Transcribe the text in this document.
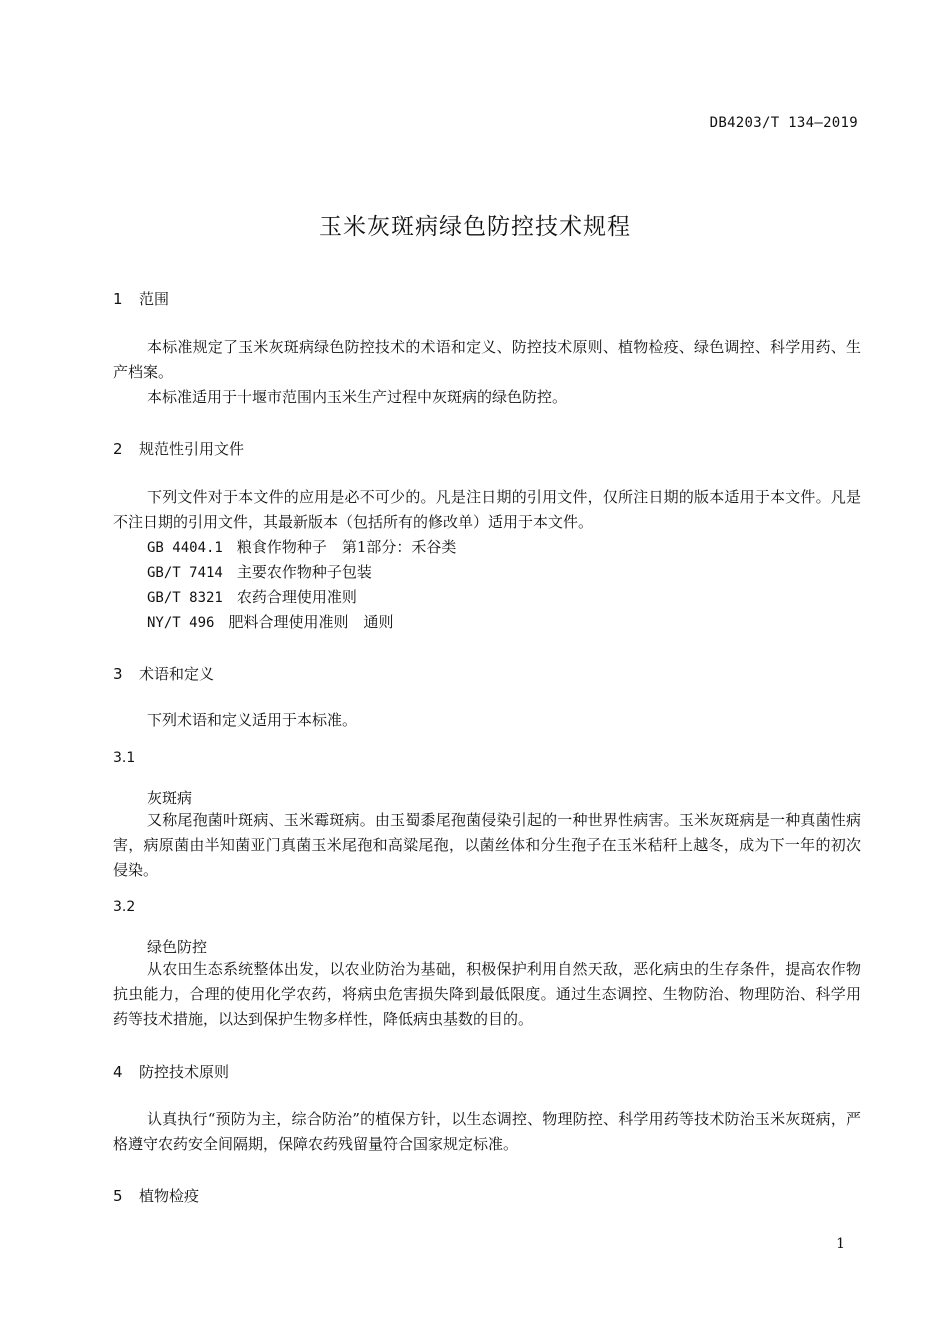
DB4203/T 134—2019
玉米灰斑病绿色防控技术规程
1 范围

本标准规定了玉米灰斑病绿色防控技术的术语和定义、防控技术原则、植物检疫、绿色调控、科学用药、生产档案。

本标准适用于十堰市范围内玉米生产过程中灰斑病的绿色防控。

2 规范性引用文件

下列文件对于本文件的应用是必不可少的。凡是注日期的引用文件，仅所注日期的版本适用于本文件。凡是不注日期的引用文件，其最新版本（包括所有的修改单）适用于本文件。

GB 4404.1 粮食作物种子　第1部分：禾谷类
GB/T 7414 主要农作物种子包装
GB/T 8321 农药合理使用准则
NY/T 496 肥料合理使用准则　通则
3 术语和定义

下列术语和定义适用于本标准。

3.1
灰斑病

又称尾孢菌叶斑病、玉米霉斑病。由玉蜀黍尾孢菌侵染引起的一种世界性病害。玉米灰斑病是一种真菌性病害，病原菌由半知菌亚门真菌玉米尾孢和高粱尾孢，以菌丝体和分生孢子在玉米秸秆上越冬，成为下一年的初次侵染。

3.2
绿色防控

从农田生态系统整体出发，以农业防治为基础，积极保护利用自然天敌，恶化病虫的生存条件，提高农作物抗虫能力，合理的使用化学农药，将病虫危害损失降到最低限度。通过生态调控、生物防治、物理防治、科学用药等技术措施，以达到保护生物多样性，降低病虫基数的目的。

4 防控技术原则

认真执行“预防为主，综合防治”的植保方针，以生态调控、物理防控、科学用药等技术防治玉米灰斑病，严格遵守农药安全间隔期，保障农药残留量符合国家规定标准。

5 植物检疫
1
